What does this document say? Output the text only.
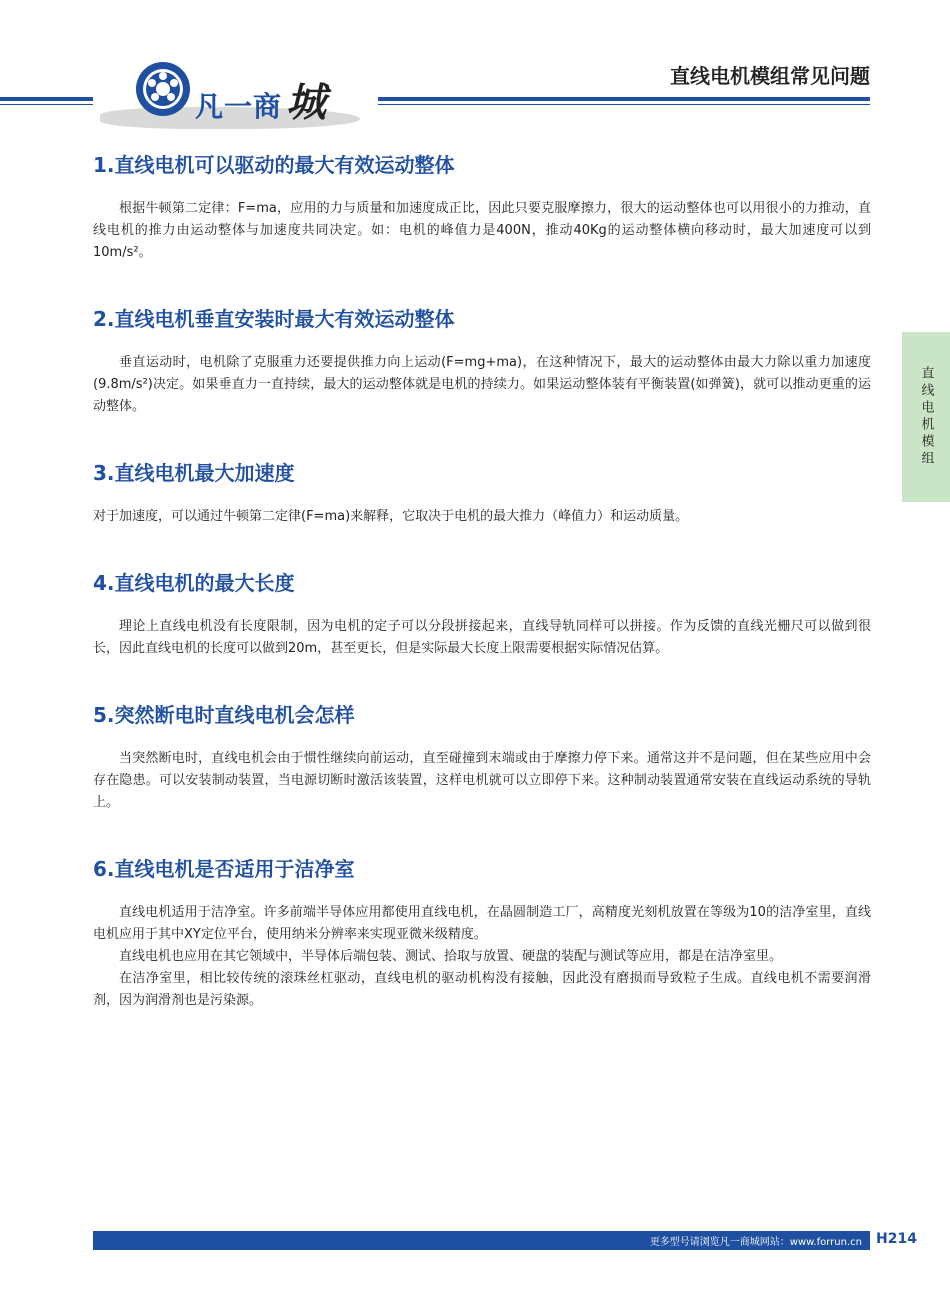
凡一商 城
直线电机模组常见问题
直线电机模组
1.直线电机可以驱动的最大有效运动整体

根据牛顿第二定律：F=ma，应用的力与质量和加速度成正比，因此只要克服摩擦力，很大的运动整体也可以用很小的力推动，直线电机的推力由运动整体与加速度共同决定。如：电机的峰值力是400N，推动40Kg的运动整体横向移动时，最大加速度可以到10m/s²。

2.直线电机垂直安装时最大有效运动整体

垂直运动时，电机除了克服重力还要提供推力向上运动(F=mg+ma)，在这种情况下，最大的运动整体由最大力除以重力加速度(9.8m/s²)决定。如果垂直力一直持续，最大的运动整体就是电机的持续力。如果运动整体装有平衡装置(如弹簧)，就可以推动更重的运动整体。

3.直线电机最大加速度

对于加速度，可以通过牛顿第二定律(F=ma)来解释，它取决于电机的最大推力（峰值力）和运动质量。

4.直线电机的最大长度

理论上直线电机没有长度限制，因为电机的定子可以分段拼接起来，直线导轨同样可以拼接。作为反馈的直线光栅尺可以做到很长，因此直线电机的长度可以做到20m，甚至更长，但是实际最大长度上限需要根据实际情况估算。

5.突然断电时直线电机会怎样

当突然断电时，直线电机会由于惯性继续向前运动，直至碰撞到末端或由于摩擦力停下来。通常这并不是问题，但在某些应用中会存在隐患。可以安装制动装置，当电源切断时激活该装置，这样电机就可以立即停下来。这种制动装置通常安装在直线运动系统的导轨上。

6.直线电机是否适用于洁净室

直线电机适用于洁净室。许多前端半导体应用都使用直线电机，在晶圆制造工厂，高精度光刻机放置在等级为10的洁净室里，直线电机应用于其中XY定位平台，使用纳米分辨率来实现亚微米级精度。

直线电机也应用在其它领域中，半导体后端包装、测试、拾取与放置、硬盘的装配与测试等应用，都是在洁净室里。

在洁净室里，相比较传统的滚珠丝杠驱动，直线电机的驱动机构没有接触，因此没有磨损而导致粒子生成。直线电机不需要润滑剂，因为润滑剂也是污染源。

更多型号请浏览凡一商城网站：www.forrun.cn	H214
